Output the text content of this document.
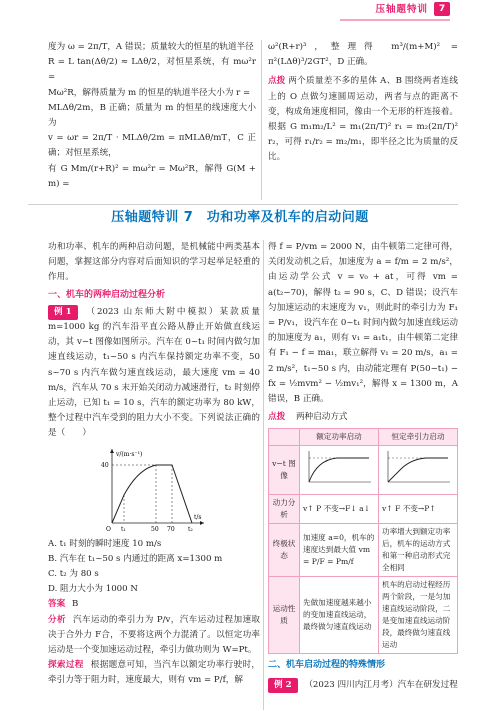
压轴题特训	7
度为 ω = 2π/T，A 错误；质量较大的恒星的轨道半径
R = L tan(Δθ/2) ≈ LΔθ/2，对恒星系统，有 mω²r =
Mω²R，解得质量为 m 的恒星的轨道半径大小为 r =
MLΔθ/2m，B 正确；质量为 m 的恒星的线速度大小为
v = ωr = 2π/T · MLΔθ/2m = πMLΔθ/mT，C 正确；对恒星系统，
有 G Mm/(r+R)² = mω²r = Mω²R，解得 G(M + m) =
ω²(R+r)³，整理得 m³/(m+M)² = π²(LΔθ)³/2GT²，D 正确。
点拨 两个质量差不多的星体 A、B 围绕两者连线上的 O 点做匀速圆周运动，两者与点的距离不变，构成角速度相同，像由一个无形的杆连接着。根据 G m₁m₂/L² = m₁(2π/T)² r₁ = m₂(2π/T)² r₂，可得 r₁/r₂ = m₂/m₁，即半径之比为质量的反比。
压轴题特训 7　功和功率及机车的启动问题
功和功率、机车的两种启动问题，是机械能中两类基本问题，掌握这部分内容对后面知识的学习起举足轻重的作用。
一、机车的两种启动过程分析
例 1 （2023 山东师大附中模拟）某款质量 m=1000 kg 的汽车沿平直公路从静止开始做直线运动，其 v−t 图像如图所示。汽车在 0~t₁ 时间内做匀加速直线运动，t₁~50 s 内汽车保持额定功率不变，50 s~70 s 内汽车做匀速直线运动，最大速度 vm = 40 m/s，汽车从 70 s 末开始关闭动力减速滑行，t₂ 时刻停止运动，已知 t₁ = 10 s，汽车的额定功率为 80 kW，整个过程中汽车受到的阻力大小不变。下列说法正确的是（　　）
v/(m·s⁻¹)
40
O t₁	50 70 t₂
t/s
A. t₁ 时刻的瞬时速度 10 m/s
B. 汽车在 t₁~50 s 内通过的距离 x=1300 m
C. t₂ 为 80 s
D. 阻力大小为 1000 N
答案 B
分析 汽车运动的牵引力为 P/v，汽车运动过程加速取决于合外力 F合，不要将这两个力混淆了。以恒定功率运动是一个变加速运动过程，牵引力做功则为 W=Pt。
探索过程 根据题意可知，当汽车以额定功率行驶时，牵引力等于阻力时，速度最大，则有 vm = P/f，解
得 f = P/vm = 2000 N，由牛顿第二定律可得，关闭发动机之后，加速度为 a = f/m = 2 m/s²，由运动学公式 v = v₀ + at，可得 vm = a(t₂−70)，解得 t₂ = 90 s，C、D 错误；设汽车匀加速运动的末速度为 v₁，则此时的牵引力为 F₁ = P/v₁，设汽车在 0~t₁ 时间内做匀加速直线运动的加速度为 a₁，则有 v₁ = a₁t₁，由牛顿第二定律有 F₁ − f = ma₁，联立解得 v₁ = 20 m/s，a₁ = 2 m/s²，t₁~50 s 内，由动能定理有 P(50−t₁) − fx = ½mvm² − ½mv₁²，解得 x = 1300 m，A 错误，B 正确。
点拨 两种启动方式
	额定功率启动	恒定牵引力启动
v−t 图像		
动力分析	v↑ P 不变→F↓ a↓	v↑ F 不变→P↑
终极状态	加速度 a=0，机车的速度达到最大值 vm = P/F = Pm/f	功率增大到额定功率后，机车的运动方式和第一种启动形式完全相同
运动性质	先做加速度越来越小的变加速直线运动，最终做匀速直线运动	机车的启动过程经历两个阶段，一是匀加速直线运动阶段，二是变加速直线运动阶段，最终做匀速直线运动
二、机车启动过程的特殊情形
例 2 （2023 四川内江月考）汽车在研发过程
